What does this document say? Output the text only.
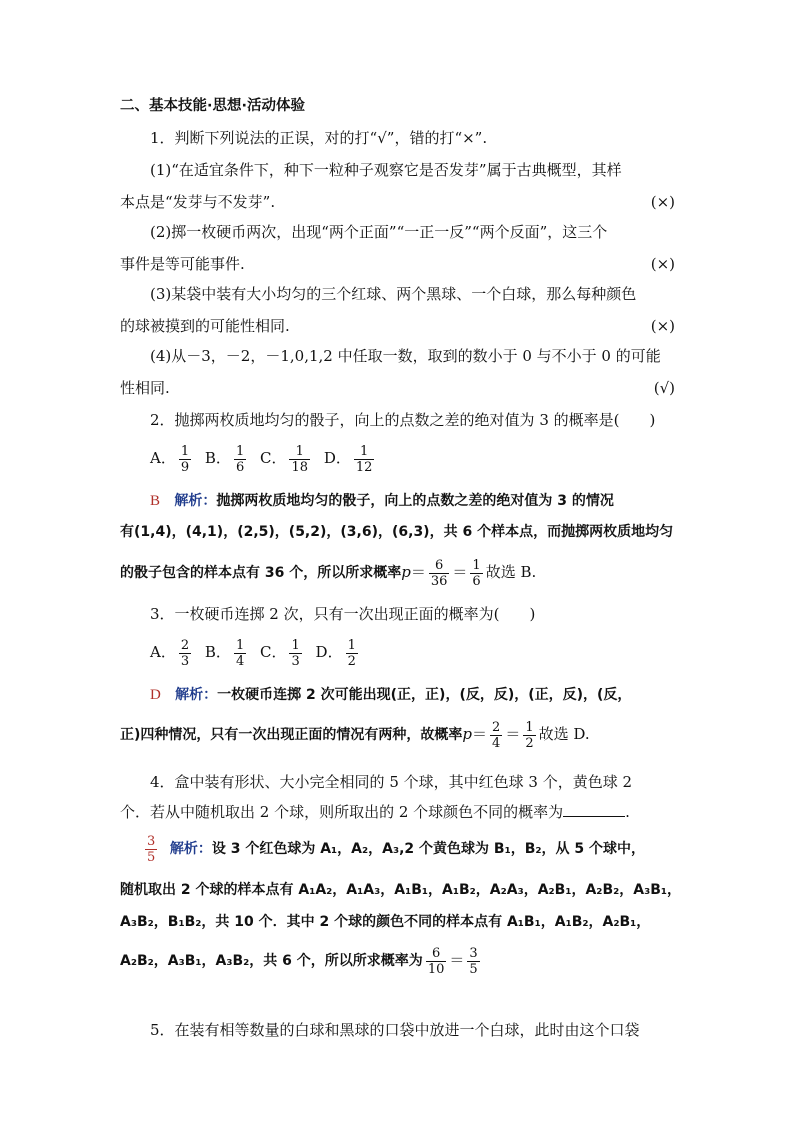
二、基本技能·思想·活动体验
1．判断下列说法的正误，对的打“√”，错的打“×”.
(1)“在适宜条件下，种下一粒种子观察它是否发芽”属于古典概型，其样
本点是“发芽与不发芽”.	(×)
(2)掷一枚硬币两次，出现“两个正面”“一正一反”“两个反面”，这三个
事件是等可能事件.	(×)
(3)某袋中装有大小均匀的三个红球、两个黑球、一个白球，那么每种颜色
的球被摸到的可能性相同.	(×)
(4)从－3，－2，－1,0,1,2 中任取一数，取到的数小于 0 与不小于 0 的可能
性相同.	(√)
2．抛掷两枚质地均匀的骰子，向上的点数之差的绝对值为 3 的概率是(　　)
A． $\frac{1}{9}$ B． $\frac{1}{6}$ C． $\frac{1}{18}$ D． $\frac{1}{12}$
B 解析：抛掷两枚质地均匀的骰子，向上的点数之差的绝对值为 3 的情况
有(1,4)，(4,1)，(2,5)，(5,2)，(3,6)，(6,3)，共 6 个样本点，而抛掷两枚质地均匀
的骰子包含的样本点有 36 个，所以所求概率$p= \frac{6}{36} = \frac{1}{6}$ 故选 B.
3．一枚硬币连掷 2 次，只有一次出现正面的概率为(　　)
A． $\frac{2}{3}$ B． $\frac{1}{4}$ C． $\frac{1}{3}$ D． $\frac{1}{2}$
D 解析：一枚硬币连掷 2 次可能出现(正，正)，(反，反)，(正，反)，(反，
正)四种情况，只有一次出现正面的情况有两种，故概率$p= \frac{2}{4} = \frac{1}{2}$ 故选 D.
4．盒中装有形状、大小完全相同的 5 个球，其中红色球 3 个，黄色球 2
个．若从中随机取出 2 个球，则所取出的 2 个球颜色不同的概率为	.
$\frac{3}{5}$ 解析：设 3 个红色球为 A₁，A₂，A₃,2 个黄色球为 B₁，B₂，从 5 个球中，
随机取出 2 个球的样本点有 A₁A₂，A₁A₃，A₁B₁，A₁B₂，A₂A₃，A₂B₁，A₂B₂，A₃B₁，
A₃B₂，B₁B₂，共 10 个．其中 2 个球的颜色不同的样本点有 A₁B₁，A₁B₂，A₂B₁，
A₂B₂，A₃B₁，A₃B₂，共 6 个，所以所求概率为 $\frac{6}{10} = \frac{3}{5}$
5．在装有相等数量的白球和黑球的口袋中放进一个白球，此时由这个口袋
